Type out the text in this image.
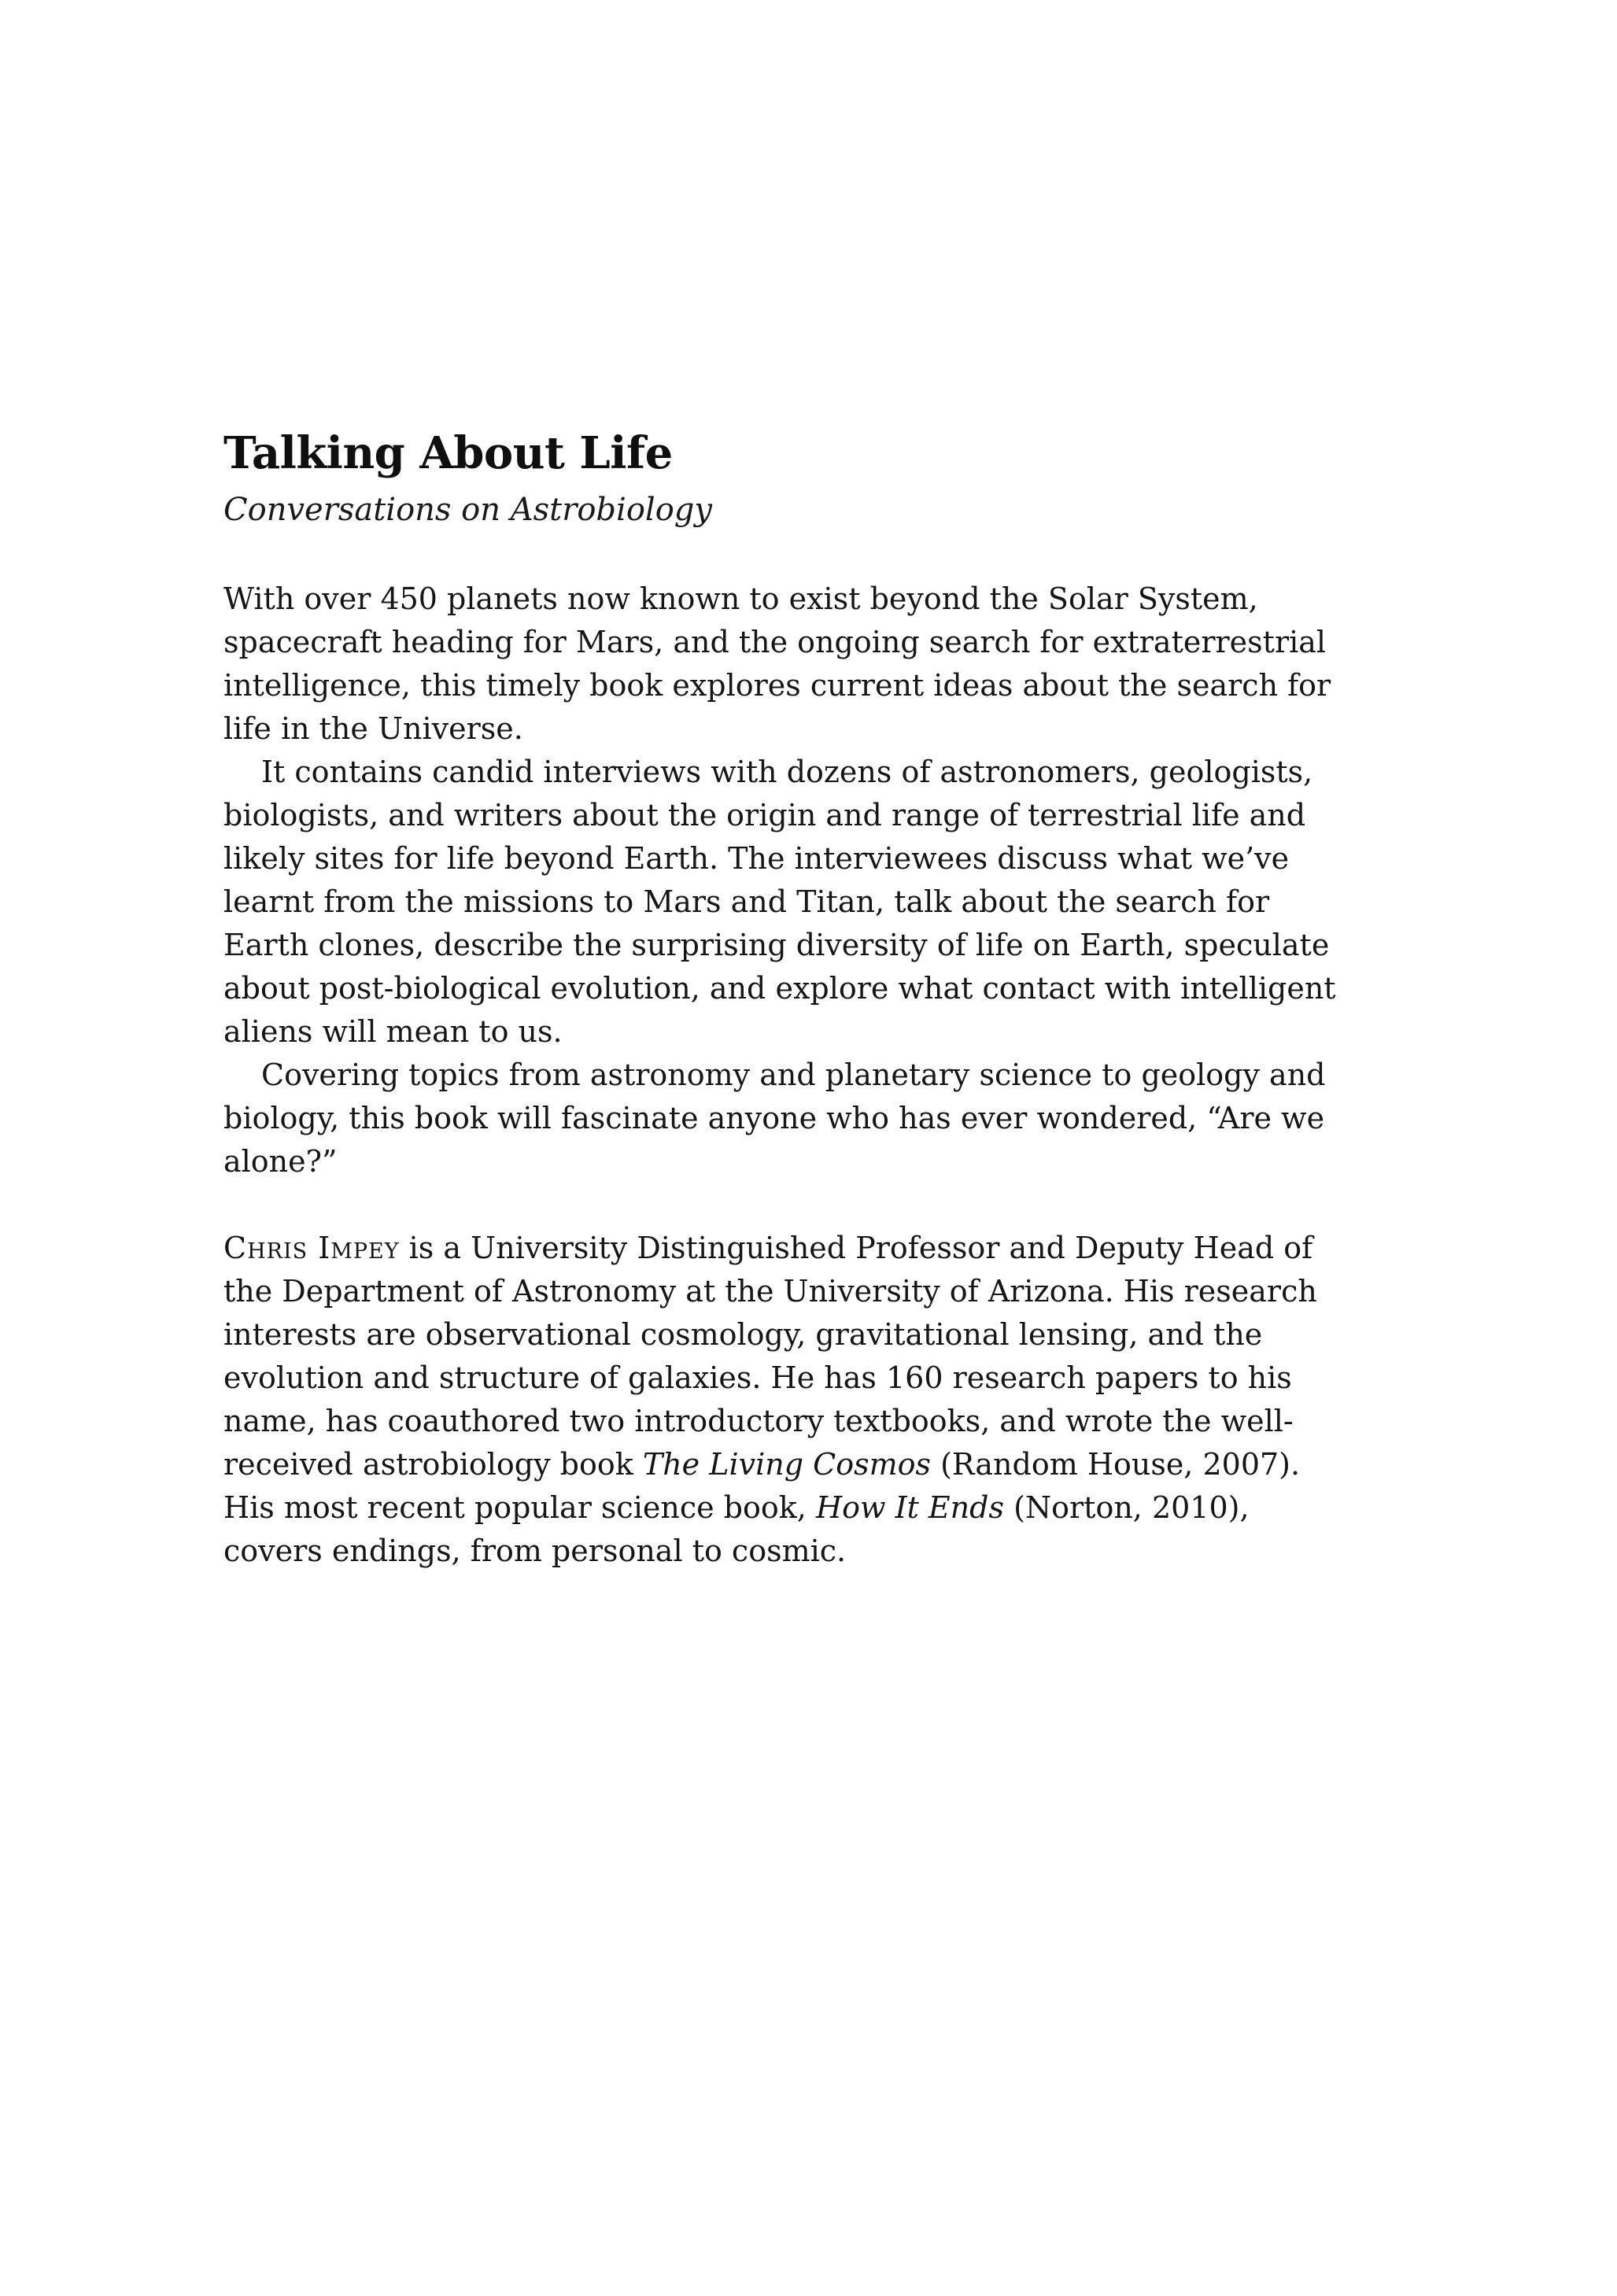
Talking About Life
Conversations on Astrobiology

With over 450 planets now known to exist beyond the Solar System, spacecraft heading for Mars, and the ongoing search for extraterrestrial intelligence, this timely book explores current ideas about the search for life in the Universe.

It contains candid interviews with dozens of astronomers, geologists, biologists, and writers about the origin and range of terrestrial life and likely sites for life beyond Earth. The interviewees discuss what we’ve learnt from the missions to Mars and Titan, talk about the search for Earth clones, describe the surprising diversity of life on Earth, speculate about post-biological evolution, and explore what contact with intelligent aliens will mean to us.

Covering topics from astronomy and planetary science to geology and biology, this book will fascinate anyone who has ever wondered, “Are we alone?”

Chris Impey is a University Distinguished Professor and Deputy Head of the Department of Astronomy at the University of Arizona. His research interests are observational cosmology, gravitational lensing, and the evolution and structure of galaxies. He has 160 research papers to his name, has coauthored two introductory textbooks, and wrote the well-received astrobiology book The Living Cosmos (Random House, 2007). His most recent popular science book, How It Ends (Norton, 2010), covers endings, from personal to cosmic.
